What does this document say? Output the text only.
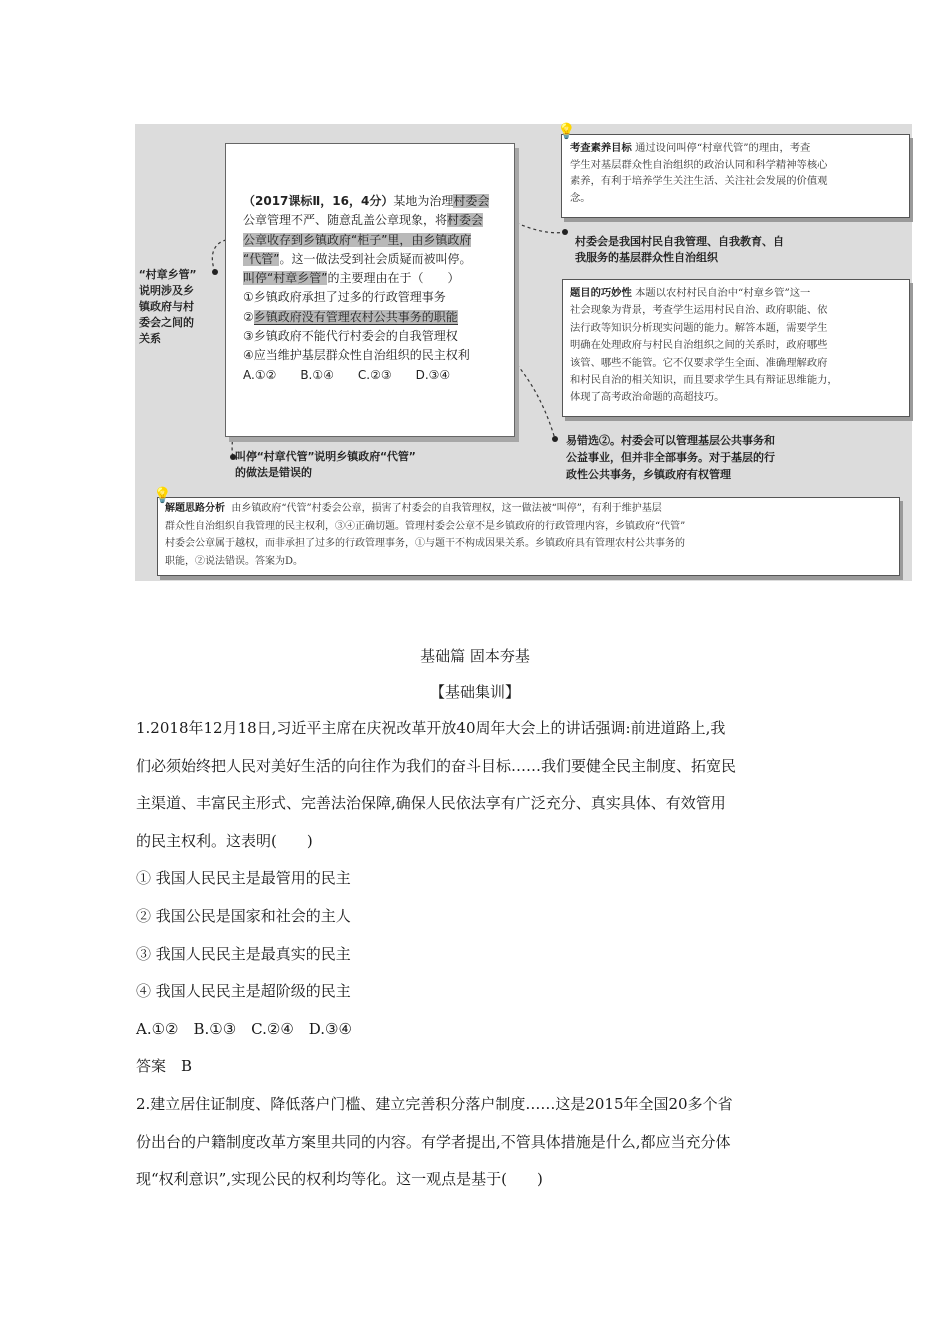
（2017课标Ⅱ，16，4分）某地为治理村委会

公章管理不严、随意乱盖公章现象，将村委会

公章收存到乡镇政府“柜子”里，由乡镇政府

“代管”。这一做法受到社会质疑而被叫停。

叫停“村章乡管”的主要理由在于（　　）

①乡镇政府承担了过多的行政管理事务

②乡镇政府没有管理农村公共事务的职能

③乡镇政府不能代行村委会的自我管理权

④应当维护基层群众性自治组织的民主权利

A.①②　　B.①④　　C.②③　　D.③④

“村章乡管”
说明涉及乡
镇政府与村
委会之间的
关系
叫停“村章代管”说明乡镇政府“代管”
的做法是错误的
💡
考查素养目标 通过设问叫停“村章代管”的理由，考查
学生对基层群众性自治组织的政治认同和科学精神等核心
素养，有利于培养学生关注生活、关注社会发展的价值观
念。
村委会是我国村民自我管理、自我教育、自
我服务的基层群众性自治组织
题目的巧妙性 本题以农村村民自治中“村章乡管”这一
社会现象为背景，考查学生运用村民自治、政府职能、依
法行政等知识分析现实问题的能力。解答本题，需要学生
明确在处理政府与村民自治组织之间的关系时，政府哪些
该管、哪些不能管。它不仅要求学生全面、准确理解政府
和村民自治的相关知识，而且要求学生具有辩证思维能力，
体现了高考政治命题的高超技巧。
易错选②。村委会可以管理基层公共事务和
公益事业，但并非全部事务。对于基层的行
政性公共事务，乡镇政府有权管理
💡
解题思路分析 由乡镇政府“代管”村委会公章，损害了村委会的自我管理权，这一做法被“叫停”，有利于维护基层
群众性自治组织自我管理的民主权利，③④正确切题。管理村委会公章不是乡镇政府的行政管理内容，乡镇政府“代管”
村委会公章属于越权，而非承担了过多的行政管理事务，①与题干不构成因果关系。乡镇政府具有管理农村公共事务的
职能，②说法错误。答案为D。
基础篇 固本夯基
【基础集训】

1.2018年12月18日,习近平主席在庆祝改革开放40周年大会上的讲话强调:前进道路上,我

们必须始终把人民对美好生活的向往作为我们的奋斗目标……我们要健全民主制度、拓宽民

主渠道、丰富民主形式、完善法治保障,确保人民依法享有广泛充分、真实具体、有效管用

的民主权利。这表明(　　)

① 我国人民民主是最管用的民主

② 我国公民是国家和社会的主人

③ 我国人民民主是最真实的民主

④ 我国人民民主是超阶级的民主

A.①②　B.①③　C.②④　D.③④

答案　B

2.建立居住证制度、降低落户门槛、建立完善积分落户制度……这是2015年全国20多个省

份出台的户籍制度改革方案里共同的内容。有学者提出,不管具体措施是什么,都应当充分体

现“权利意识”,实现公民的权利均等化。这一观点是基于(　　)
